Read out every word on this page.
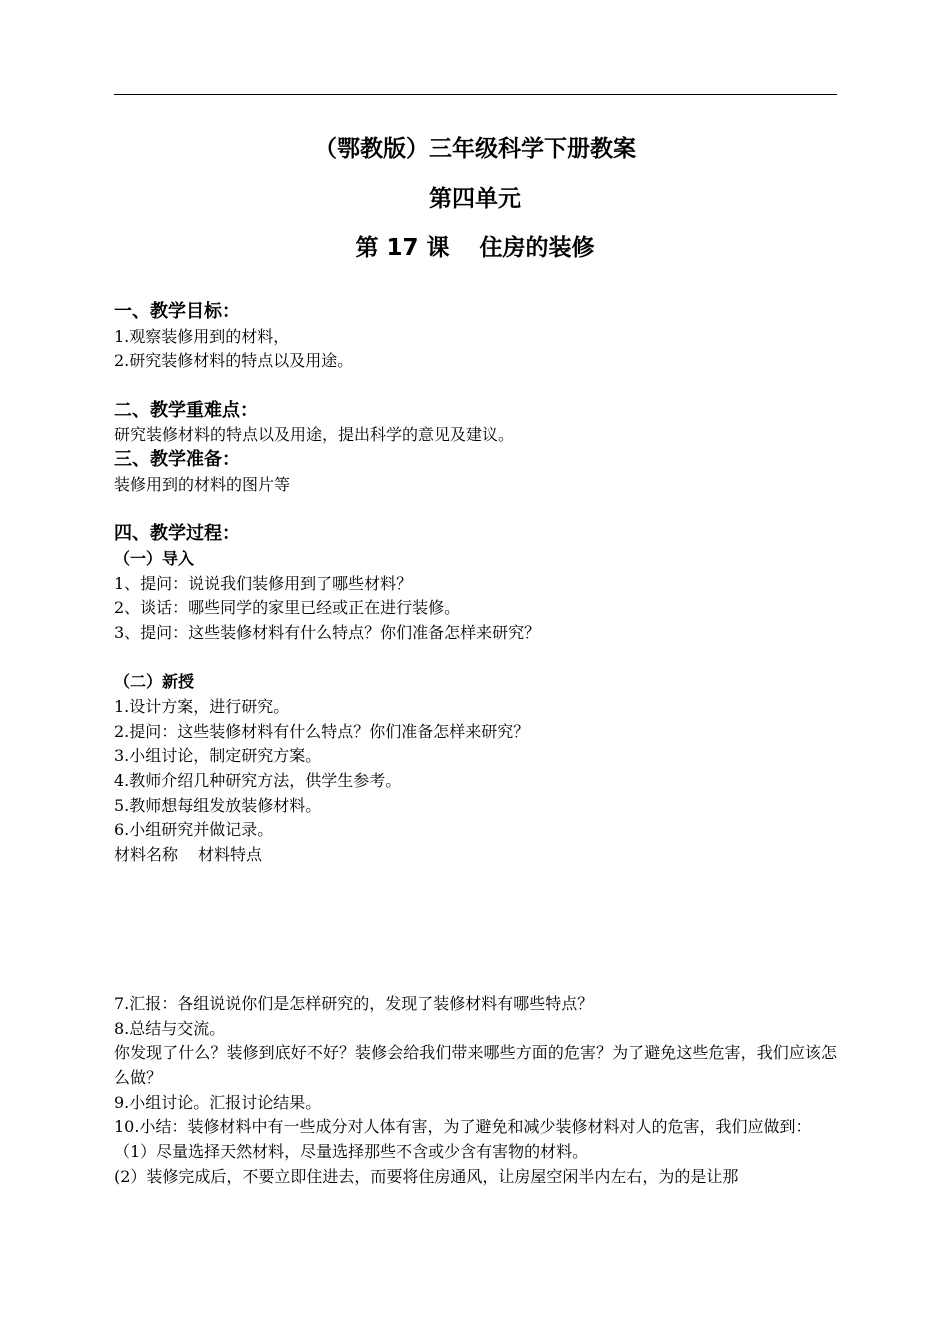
（鄂教版）三年级科学下册教案
第四单元
第 17 课 住房的装修
一、教学目标：
1.观察装修用到的材料，
2.研究装修材料的特点以及用途。
二、教学重难点：
研究装修材料的特点以及用途，提出科学的意见及建议。
三、教学准备：
装修用到的材料的图片等
四、教学过程：
（一）导入
1、提问：说说我们装修用到了哪些材料？
2、谈话：哪些同学的家里已经或正在进行装修。
3、提问：这些装修材料有什么特点？你们准备怎样来研究？
（二）新授
1.设计方案，进行研究。
2.提问：这些装修材料有什么特点？你们准备怎样来研究？
3.小组讨论，制定研究方案。
4.教师介绍几种研究方法，供学生参考。
5.教师想每组发放装修材料。
6.小组研究并做记录。
材料名称 材料特点
7.汇报：各组说说你们是怎样研究的，发现了装修材料有哪些特点？
8.总结与交流。
你发现了什么？装修到底好不好？装修会给我们带来哪些方面的危害？为了避免这些危害，我们应该怎么做？
9.小组讨论。汇报讨论结果。
10.小结：装修材料中有一些成分对人体有害，为了避免和减少装修材料对人的危害，我们应做到：
（1）尽量选择天然材料，尽量选择那些不含或少含有害物的材料。
(2）装修完成后，不要立即住进去，而要将住房通风，让房屋空闲半内左右，为的是让那
